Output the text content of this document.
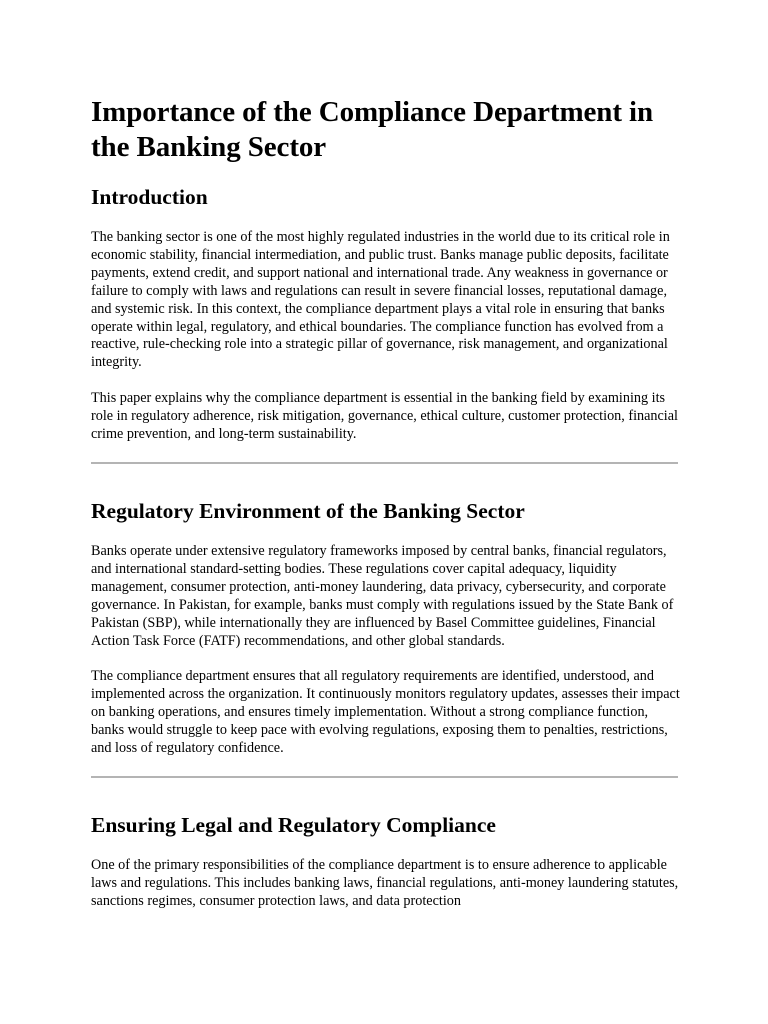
Importance of the Compliance Department in the Banking Sector
Introduction

The banking sector is one of the most highly regulated industries in the world due to its critical role in economic stability, financial intermediation, and public trust. Banks manage public deposits, facilitate payments, extend credit, and support national and international trade. Any weakness in governance or failure to comply with laws and regulations can result in severe financial losses, reputational damage, and systemic risk. In this context, the compliance department plays a vital role in ensuring that banks operate within legal, regulatory, and ethical boundaries. The compliance function has evolved from a reactive, rule-checking role into a strategic pillar of governance, risk management, and organizational integrity.

This paper explains why the compliance department is essential in the banking field by examining its role in regulatory adherence, risk mitigation, governance, ethical culture, customer protection, financial crime prevention, and long-term sustainability.

Regulatory Environment of the Banking Sector

Banks operate under extensive regulatory frameworks imposed by central banks, financial regulators, and international standard-setting bodies. These regulations cover capital adequacy, liquidity management, consumer protection, anti-money laundering, data privacy, cybersecurity, and corporate governance. In Pakistan, for example, banks must comply with regulations issued by the State Bank of Pakistan (SBP), while internationally they are influenced by Basel Committee guidelines, Financial Action Task Force (FATF) recommendations, and other global standards.

The compliance department ensures that all regulatory requirements are identified, understood, and implemented across the organization. It continuously monitors regulatory updates, assesses their impact on banking operations, and ensures timely implementation. Without a strong compliance function, banks would struggle to keep pace with evolving regulations, exposing them to penalties, restrictions, and loss of regulatory confidence.

Ensuring Legal and Regulatory Compliance

One of the primary responsibilities of the compliance department is to ensure adherence to applicable laws and regulations. This includes banking laws, financial regulations, anti-money laundering statutes, sanctions regimes, consumer protection laws, and data protection
